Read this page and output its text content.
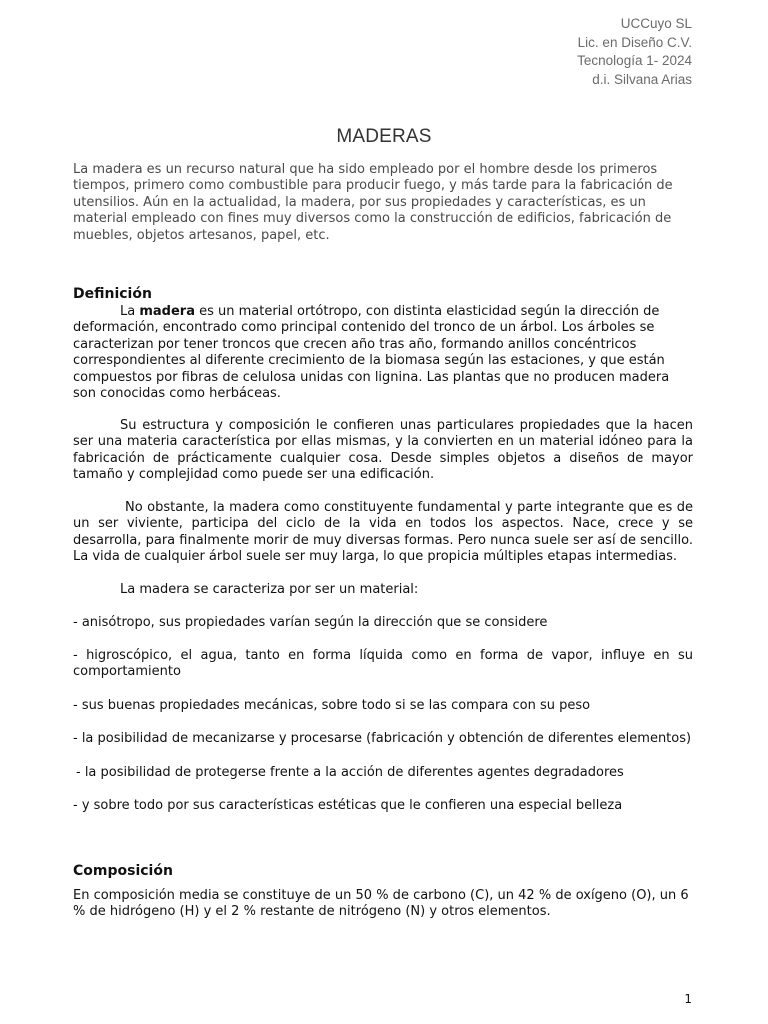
UCCuyo SL
Lic. en Diseño C.V.
Tecnología 1- 2024
d.i. Silvana Arias
MADERAS

La madera es un recurso natural que ha sido empleado por el hombre desde los primeros tiempos, primero como combustible para producir fuego, y más tarde para la fabricación de utensilios. Aún en la actualidad, la madera, por sus propiedades y características, es un material empleado con fines muy diversos como la construcción de edificios, fabricación de muebles, objetos artesanos, papel, etc.

Definición

La madera es un material ortótropo, con distinta elasticidad según la dirección de deformación, encontrado como principal contenido del tronco de un árbol. Los árboles se caracterizan por tener troncos que crecen año tras año, formando anillos concéntricos correspondientes al diferente crecimiento de la biomasa según las estaciones, y que están compuestos por fibras de celulosa unidas con lignina. Las plantas que no producen madera son conocidas como herbáceas.

Su estructura y composición le confieren unas particulares propiedades que la hacen ser una materia característica por ellas mismas, y la convierten en un material idóneo para la fabricación de prácticamente cualquier cosa. Desde simples objetos a diseños de mayor tamaño y complejidad como puede ser una edificación.

No obstante, la madera como constituyente fundamental y parte integrante que es de un ser viviente, participa del ciclo de la vida en todos los aspectos. Nace, crece y se desarrolla, para finalmente morir de muy diversas formas. Pero nunca suele ser así de sencillo. La vida de cualquier árbol suele ser muy larga, lo que propicia múltiples etapas intermedias.

La madera se caracteriza por ser un material:

- anisótropo, sus propiedades varían según la dirección que se considere
- higroscópico, el agua, tanto en forma líquida como en forma de vapor, influye en su comportamiento
- sus buenas propiedades mecánicas, sobre todo si se las compara con su peso
- la posibilidad de mecanizarse y procesarse (fabricación y obtención de diferentes elementos)
- la posibilidad de protegerse frente a la acción de diferentes agentes degradadores
- y sobre todo por sus características estéticas que le confieren una especial belleza
Composición

En composición media se constituye de un 50 % de carbono (C), un 42 % de oxígeno (O), un 6 % de hidrógeno (H) y el 2 % restante de nitrógeno (N) y otros elementos.

1
